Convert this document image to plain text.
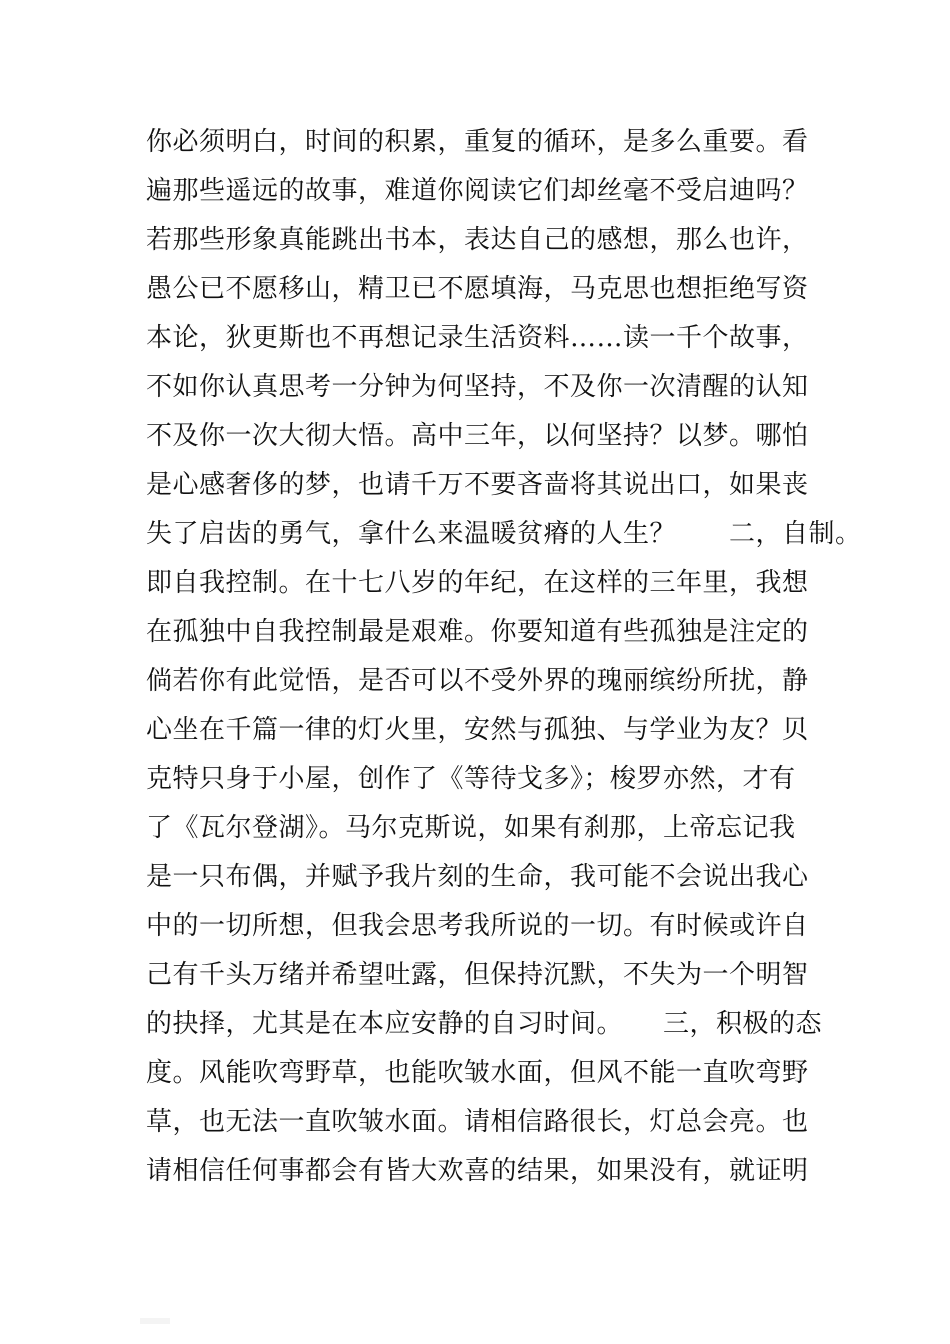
你必须明白，时间的积累，重复的循环，是多么重要。看
遍那些遥远的故事，难道你阅读它们却丝毫不受启迪吗？
若那些形象真能跳出书本，表达自己的感想，那么也许，
愚公已不愿移山，精卫已不愿填海，马克思也想拒绝写资
本论，狄更斯也不再想记录生活资料……读一千个故事，
不如你认真思考一分钟为何坚持，不及你一次清醒的认知
不及你一次大彻大悟。高中三年，以何坚持？以梦。哪怕
是心感奢侈的梦，也请千万不要吝啬将其说出口，如果丧
失了启齿的勇气，拿什么来温暖贫瘠的人生？　　二，自制。
即自我控制。在十七八岁的年纪，在这样的三年里，我想
在孤独中自我控制最是艰难。你要知道有些孤独是注定的
倘若你有此觉悟，是否可以不受外界的瑰丽缤纷所扰，静
心坐在千篇一律的灯火里，安然与孤独、与学业为友？贝
克特只身于小屋，创作了《等待戈多》；梭罗亦然，才有
了《瓦尔登湖》。马尔克斯说，如果有刹那，上帝忘记我
是一只布偶，并赋予我片刻的生命，我可能不会说出我心
中的一切所想，但我会思考我所说的一切。有时候或许自
己有千头万绪并希望吐露，但保持沉默，不失为一个明智
的抉择，尤其是在本应安静的自习时间。　　三，积极的态
度。风能吹弯野草，也能吹皱水面，但风不能一直吹弯野
草，也无法一直吹皱水面。请相信路很长，灯总会亮。也
请相信任何事都会有皆大欢喜的结果，如果没有，就证明
